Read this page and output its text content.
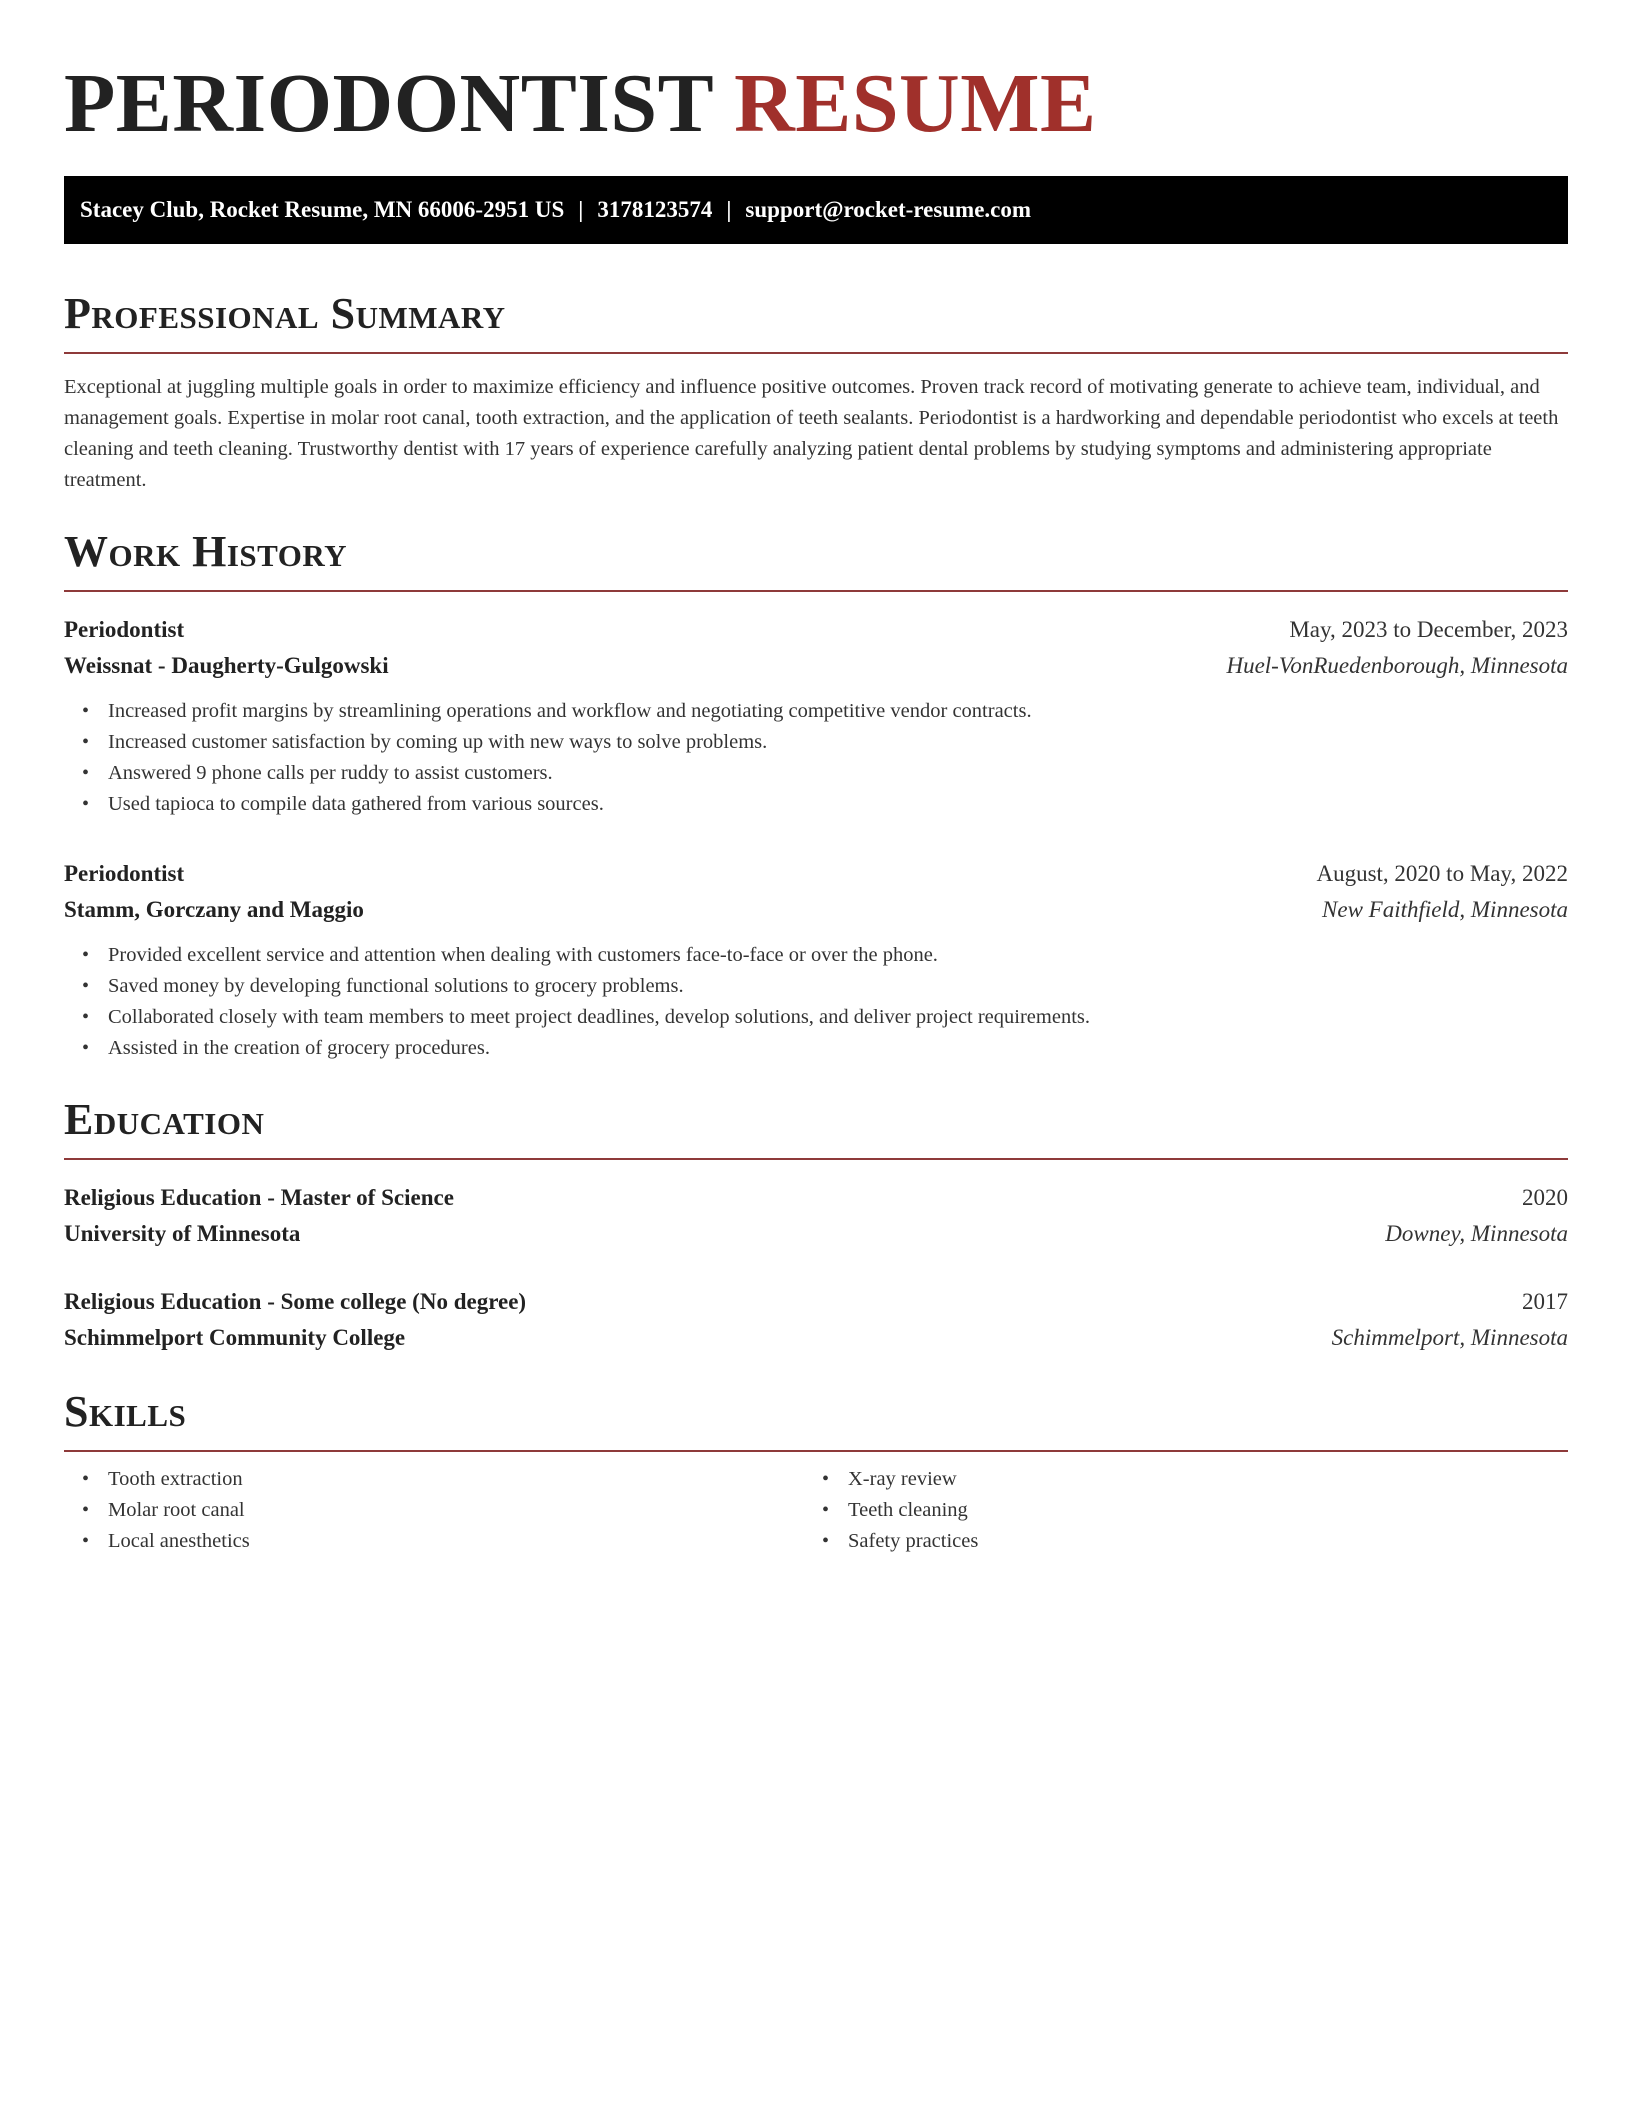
PERIODONTIST RESUME
Stacey Club, Rocket Resume, MN 66006-2951 US | 3178123574 | support@rocket-resume.com
Professional Summary

Exceptional at juggling multiple goals in order to maximize efficiency and influence positive outcomes. Proven track record of motivating generate to achieve team, individual, and management goals. Expertise in molar root canal, tooth extraction, and the application of teeth sealants. Periodontist is a hardworking and dependable periodontist who excels at teeth cleaning and teeth cleaning. Trustworthy dentist with 17 years of experience carefully analyzing patient dental problems by studying symptoms and administering appropriate treatment.

Work History
Periodontist	May, 2023 to December, 2023
Weissnat - Daugherty-Gulgowski	Huel-VonRuedenborough, Minnesota
• Increased profit margins by streamlining operations and workflow and negotiating competitive vendor contracts.
• Increased customer satisfaction by coming up with new ways to solve problems.
• Answered 9 phone calls per ruddy to assist customers.
• Used tapioca to compile data gathered from various sources.
Periodontist	August, 2020 to May, 2022
Stamm, Gorczany and Maggio	New Faithfield, Minnesota
• Provided excellent service and attention when dealing with customers face-to-face or over the phone.
• Saved money by developing functional solutions to grocery problems.
• Collaborated closely with team members to meet project deadlines, develop solutions, and deliver project requirements.
• Assisted in the creation of grocery procedures.
Education
Religious Education - Master of Science	2020
University of Minnesota	Downey, Minnesota
Religious Education - Some college (No degree)	2017
Schimmelport Community College	Schimmelport, Minnesota
Skills
• Tooth extraction
• Molar root canal
• Local anesthetics
• X-ray review
• Teeth cleaning
• Safety practices
